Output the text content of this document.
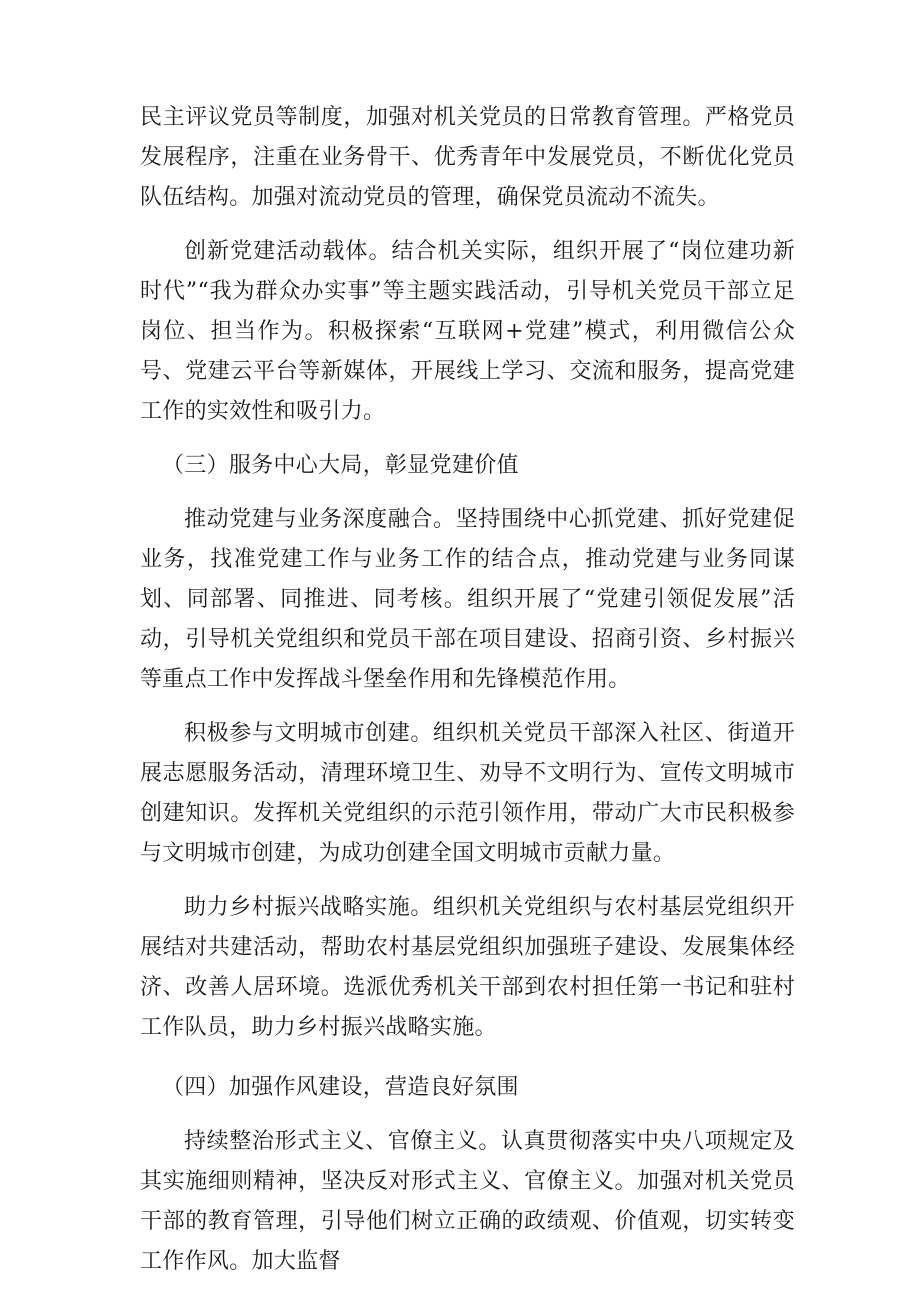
民主评议党员等制度，加强对机关党员的日常教育管理。严格党员发展程序，注重在业务骨干、优秀青年中发展党员，不断优化党员队伍结构。加强对流动党员的管理，确保党员流动不流失。

创新党建活动载体。结合机关实际，组织开展了“岗位建功新时代”“我为群众办实事”等主题实践活动，引导机关党员干部立足岗位、担当作为。积极探索“互联网+党建”模式，利用微信公众号、党建云平台等新媒体，开展线上学习、交流和服务，提高党建工作的实效性和吸引力。

（三）服务中心大局，彰显党建价值

推动党建与业务深度融合。坚持围绕中心抓党建、抓好党建促业务，找准党建工作与业务工作的结合点，推动党建与业务同谋划、同部署、同推进、同考核。组织开展了“党建引领促发展”活动，引导机关党组织和党员干部在项目建设、招商引资、乡村振兴等重点工作中发挥战斗堡垒作用和先锋模范作用。

积极参与文明城市创建。组织机关党员干部深入社区、街道开展志愿服务活动，清理环境卫生、劝导不文明行为、宣传文明城市创建知识。发挥机关党组织的示范引领作用，带动广大市民积极参与文明城市创建，为成功创建全国文明城市贡献力量。

助力乡村振兴战略实施。组织机关党组织与农村基层党组织开展结对共建活动，帮助农村基层党组织加强班子建设、发展集体经济、改善人居环境。选派优秀机关干部到农村担任第一书记和驻村工作队员，助力乡村振兴战略实施。

（四）加强作风建设，营造良好氛围

持续整治形式主义、官僚主义。认真贯彻落实中央八项规定及其实施细则精神，坚决反对形式主义、官僚主义。加强对机关党员干部的教育管理，引导他们树立正确的政绩观、价值观，切实转变工作作风。加大监督
